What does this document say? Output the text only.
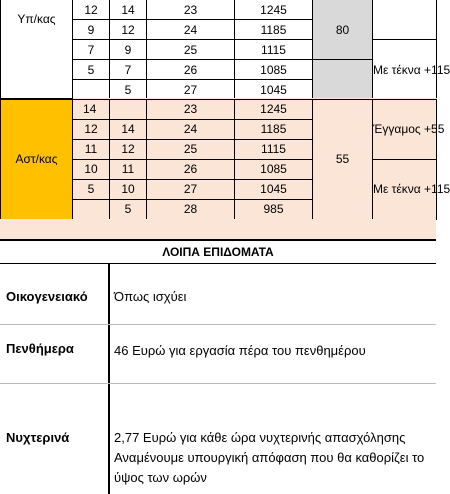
Υπ/κας	12	14	23	1245	80	
	9	12	24	1185		
	7	9	25	1115		Με τέκνα +115
	5	7	26	1085		
		5	27	1045		
Αστ/κας	14		23	1245	55	Έγγαμος +55
	12	14	24	1185		
	11	12	25	1115		
	10	11	26	1085		Με τέκνα +115
	5	10	27	1045		
		5	28	985		
ΛΟΙΠΑ ΕΠΙΔΟΜΑΤΑ
Οικογενειακό Όπως ισχύει
Πενθήμερα	46 Ευρώ για εργασία πέρα του πενθημέρου
Νυχτερινά	2,77 Ευρώ για κάθε ώρα νυχτερινής απασχόλησης Αναμένουμε υπουργική απόφαση που θα καθορίζει το ύψος των ωρών
